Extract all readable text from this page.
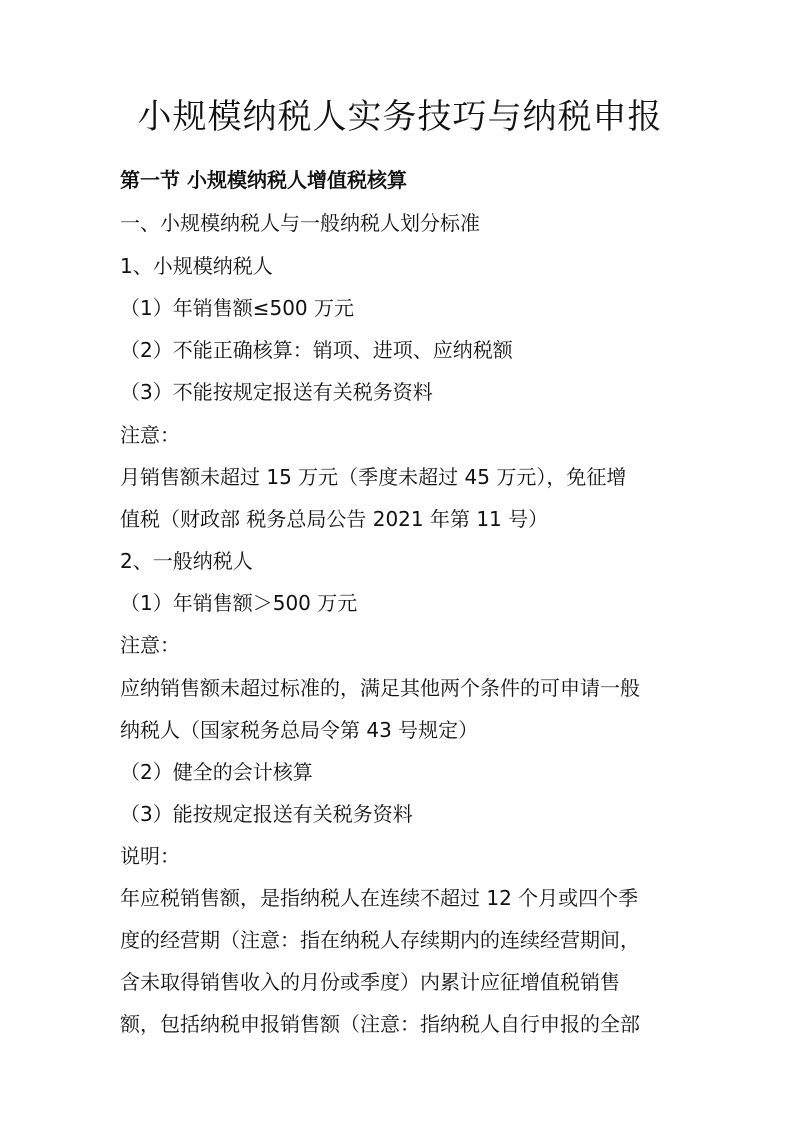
小规模纳税人实务技巧与纳税申报
第一节 小规模纳税人增值税核算
一、小规模纳税人与一般纳税人划分标准
1、小规模纳税人
（1）年销售额≤500 万元
（2）不能正确核算：销项、进项、应纳税额
（3）不能按规定报送有关税务资料
注意：
月销售额未超过 15 万元（季度未超过 45 万元），免征增
值税（财政部 税务总局公告 2021 年第 11 号）
2、一般纳税人
（1）年销售额＞500 万元
注意：
应纳销售额未超过标准的，满足其他两个条件的可申请一般
纳税人（国家税务总局令第 43 号规定）
（2）健全的会计核算
（3）能按规定报送有关税务资料
说明：
年应税销售额，是指纳税人在连续不超过 12 个月或四个季
度的经营期（注意：指在纳税人存续期内的连续经营期间，
含未取得销售收入的月份或季度）内累计应征增值税销售
额，包括纳税申报销售额（注意：指纳税人自行申报的全部
